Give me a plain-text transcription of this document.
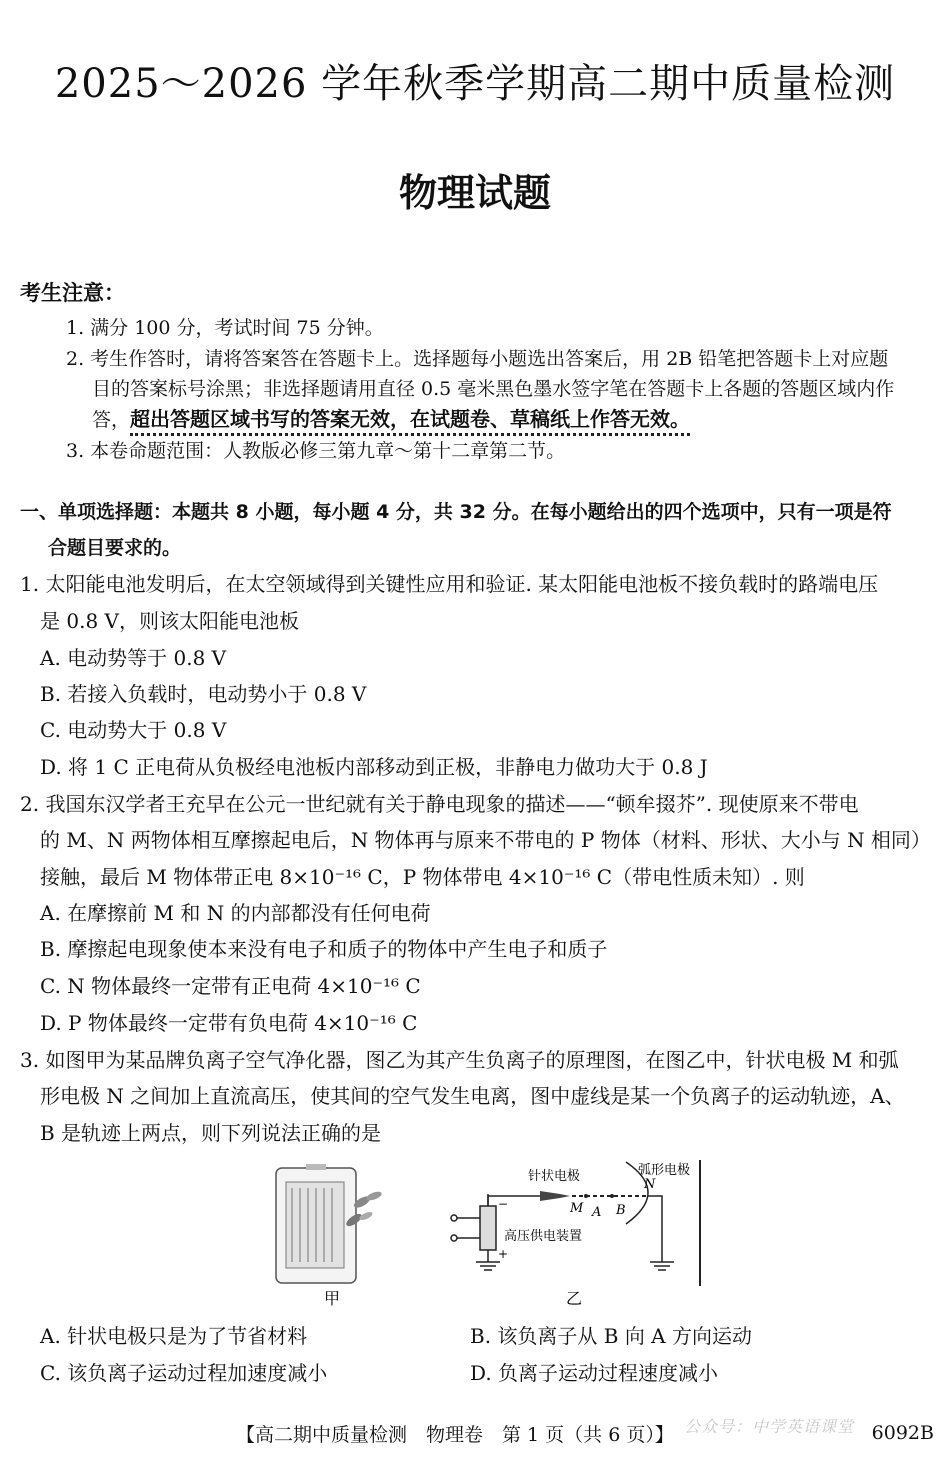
2025～2026 学年秋季学期高二期中质量检测
物理试题
考生注意：
1. 满分 100 分，考试时间 75 分钟。
2. 考生作答时，请将答案答在答题卡上。选择题每小题选出答案后，用 2B 铅笔把答题卡上对应题
目的答案标号涂黑；非选择题请用直径 0.5 毫米黑色墨水签字笔在答题卡上各题的答题区域内作
答，超出答题区域书写的答案无效，在试题卷、草稿纸上作答无效。
3. 本卷命题范围：人教版必修三第九章～第十二章第二节。
一、单项选择题：本题共 8 小题，每小题 4 分，共 32 分。在每小题给出的四个选项中，只有一项是符
合题目要求的。
1. 太阳能电池发明后，在太空领域得到关键性应用和验证. 某太阳能电池板不接负载时的路端电压
是 0.8 V，则该太阳能电池板
A. 电动势等于 0.8 V
B. 若接入负载时，电动势小于 0.8 V
C. 电动势大于 0.8 V
D. 将 1 C 正电荷从负极经电池板内部移动到正极，非静电力做功大于 0.8 J
2. 我国东汉学者王充早在公元一世纪就有关于静电现象的描述——“顿牟掇芥”. 现使原来不带电
的 M、N 两物体相互摩擦起电后，N 物体再与原来不带电的 P 物体（材料、形状、大小与 N 相同）
接触，最后 M 物体带正电 8×10⁻¹⁶ C，P 物体带电 4×10⁻¹⁶ C（带电性质未知）. 则
A. 在摩擦前 M 和 N 的内部都没有任何电荷
B. 摩擦起电现象使本来没有电子和质子的物体中产生电子和质子
C. N 物体最终一定带有正电荷 4×10⁻¹⁶ C
D. P 物体最终一定带有负电荷 4×10⁻¹⁶ C
3. 如图甲为某品牌负离子空气净化器，图乙为其产生负离子的原理图，在图乙中，针状电极 M 和弧
形电极 N 之间加上直流高压，使其间的空气发生电离，图中虚线是某一个负离子的运动轨迹，A、
B 是轨迹上两点，则下列说法正确的是
针状电极	弧形电极
M A B
N
高压供电装置
−
+
甲	乙
A. 针状电极只是为了节省材料	B. 该负离子从 B 向 A 方向运动
C. 该负离子运动过程加速度减小	D. 负离子运动过程速度减小
【高二期中质量检测　物理卷　第 1 页（共 6 页）】 公众号：中学英语课堂 6092B
